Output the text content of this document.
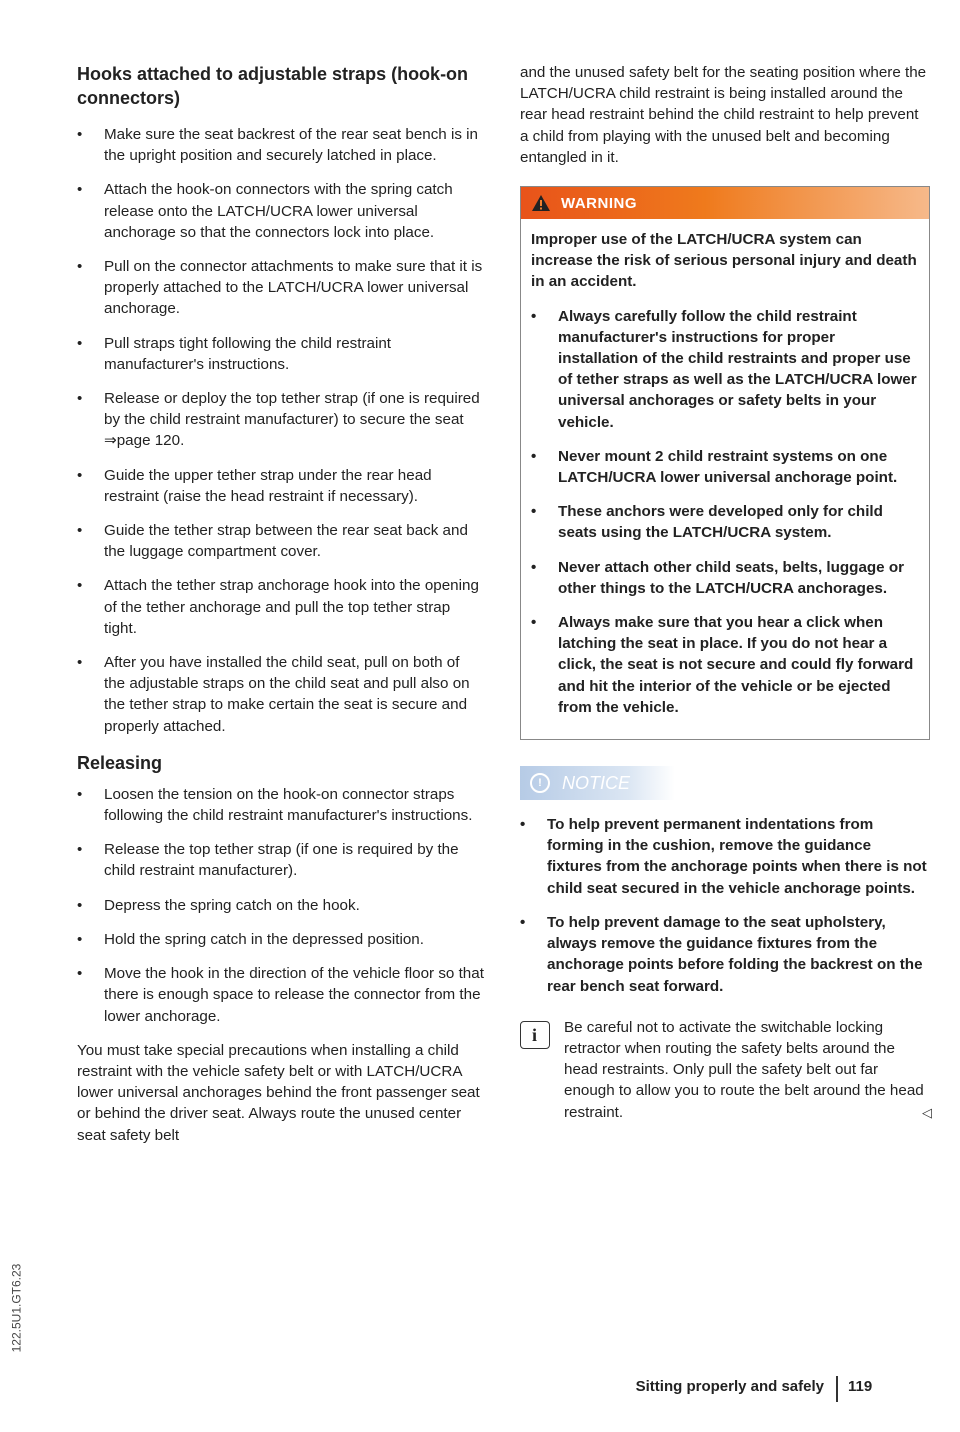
122.5U1.GT6.23
Hooks attached to adjustable straps (hook-on connectors)
• Make sure the seat backrest of the rear seat bench is in the upright position and securely latched in place.
• Attach the hook-on connectors with the spring catch release onto the LATCH/UCRA lower universal anchorage so that the connectors lock into place.
• Pull on the connector attachments to make sure that it is properly attached to the LATCH/UCRA lower universal anchorage.
• Pull straps tight following the child restraint manufacturer's instructions.
• Release or deploy the top tether strap (if one is required by the child restraint manufacturer) to secure the seat ⇒page 120.
• Guide the upper tether strap under the rear head restraint (raise the head restraint if necessary).
• Guide the tether strap between the rear seat back and the luggage compartment cover.
• Attach the tether strap anchorage hook into the opening of the tether anchorage and pull the top tether strap tight.
• After you have installed the child seat, pull on both of the adjustable straps on the child seat and pull also on the tether strap to make certain the seat is secure and properly attached.
Releasing
• Loosen the tension on the hook-on connector straps following the child restraint manufacturer's instructions.
• Release the top tether strap (if one is required by the child restraint manufacturer).
• Depress the spring catch on the hook.
• Hold the spring catch in the depressed position.
• Move the hook in the direction of the vehicle floor so that there is enough space to release the connector from the lower anchorage.

You must take special precautions when installing a child restraint with the vehicle safety belt or with LATCH/UCRA lower universal anchorages behind the front passenger seat or behind the driver seat. Always route the unused center seat safety belt

and the unused safety belt for the seating position where the LATCH/UCRA child restraint is being installed around the rear head restraint behind the child restraint to help prevent a child from playing with the unused belt and becoming entangled in it.

WARNING

Improper use of the LATCH/UCRA system can increase the risk of serious personal injury and death in an accident.

• Always carefully follow the child restraint manufacturer's instructions for proper installation of the child restraints and proper use of tether straps as well as the LATCH/UCRA lower universal anchorages or safety belts in your vehicle.
• Never mount 2 child restraint systems on one LATCH/UCRA lower universal anchorage point.
• These anchors were developed only for child seats using the LATCH/UCRA system.
• Never attach other child seats, belts, luggage or other things to the LATCH/UCRA anchorages.
• Always make sure that you hear a click when latching the seat in place. If you do not hear a click, the seat is not secure and could fly forward and hit the interior of the vehicle or be ejected from the vehicle.
!	NOTICE
• To help prevent permanent indentations from forming in the cushion, remove the guidance fixtures from the anchorage points when there is not child seat secured in the vehicle anchorage points.
• To help prevent damage to the seat upholstery, always remove the guidance fixtures from the anchorage points before folding the backrest on the rear bench seat forward.
i Be careful not to activate the switchable locking retractor when routing the safety belts around the head restraints. Only pull the safety belt out far enough to allow you to route the belt around the head restraint.	◁
Sitting properly and safely 119
